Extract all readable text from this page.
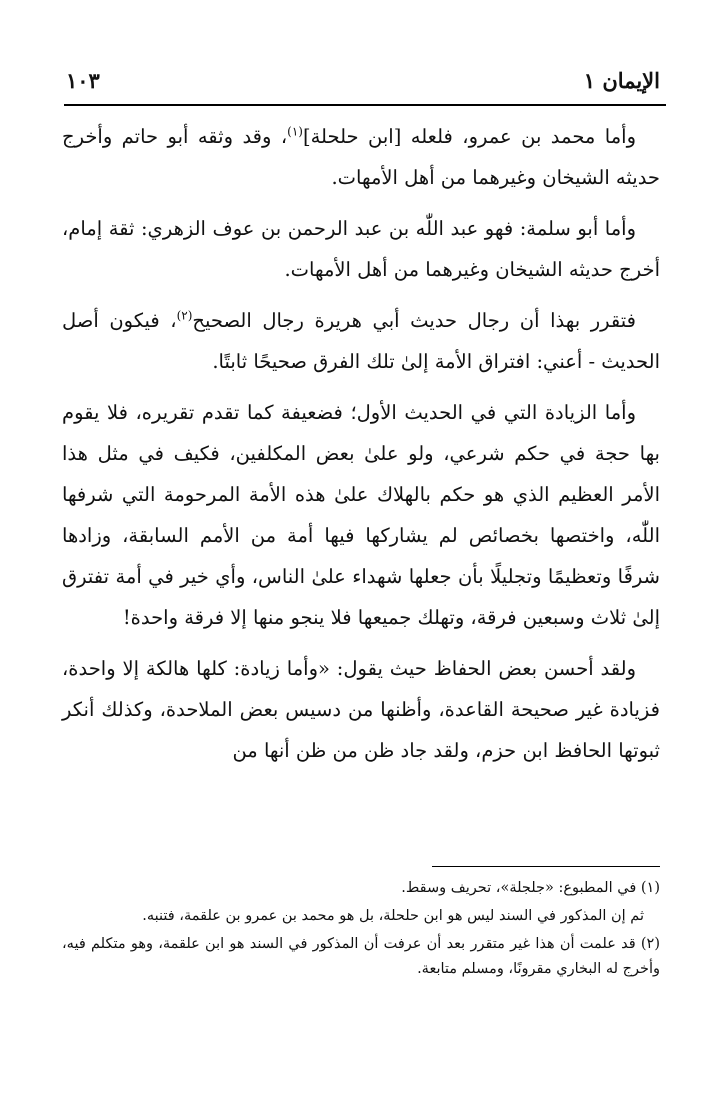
الإيمان ١
١٠٣

وأما محمد بن عمرو، فلعله [ابن حلحلة]$^{(١)}$، وقد وثقه أبو حاتم وأخرج حديثه الشيخان وغيرهما من أهل الأمهات.

وأما أبو سلمة: فهو عبد اللّٰه بن عبد الرحمن بن عوف الزهري: ثقة إمام، أخرج حديثه الشيخان وغيرهما من أهل الأمهات.

فتقرر بهذا أن رجال حديث أبي هريرة رجال الصحيح$^{(٢)}$، فيكون أصل الحديث - أعني: افتراق الأمة إلىٰ تلك الفرق صحيحًا ثابتًا.

وأما الزيادة التي في الحديث الأول؛ فضعيفة كما تقدم تقريره، فلا يقوم بها حجة في حكم شرعي، ولو علىٰ بعض المكلفين، فكيف في مثل هذا الأمر العظيم الذي هو حكم بالهلاك علىٰ هذه الأمة المرحومة التي شرفها اللّٰه، واختصها بخصائص لم يشاركها فيها أمة من الأمم السابقة، وزادها شرفًا وتعظيمًا وتجليلًا بأن جعلها شهداء علىٰ الناس، وأي خير في أمة تفترق إلىٰ ثلاث وسبعين فرقة، وتهلك جميعها فلا ينجو منها إلا فرقة واحدة!

ولقد أحسن بعض الحفاظ حيث يقول: «وأما زيادة: كلها هالكة إلا واحدة، فزيادة غير صحيحة القاعدة، وأظنها من دسيس بعض الملاحدة، وكذلك أنكر ثبوتها الحافظ ابن حزم، ولقد جاد ظن من ظن أنها من

(١) في المطبوع: «جلجلة»، تحريف وسقط.

ثم إن المذكور في السند ليس هو ابن حلحلة، بل هو محمد بن عمرو بن علقمة، فتنبه.

(٢) قد علمت أن هذا غير متقرر بعد أن عرفت أن المذكور في السند هو ابن علقمة، وهو متكلم فيه، وأخرج له البخاري مقرونًا، ومسلم متابعة.
